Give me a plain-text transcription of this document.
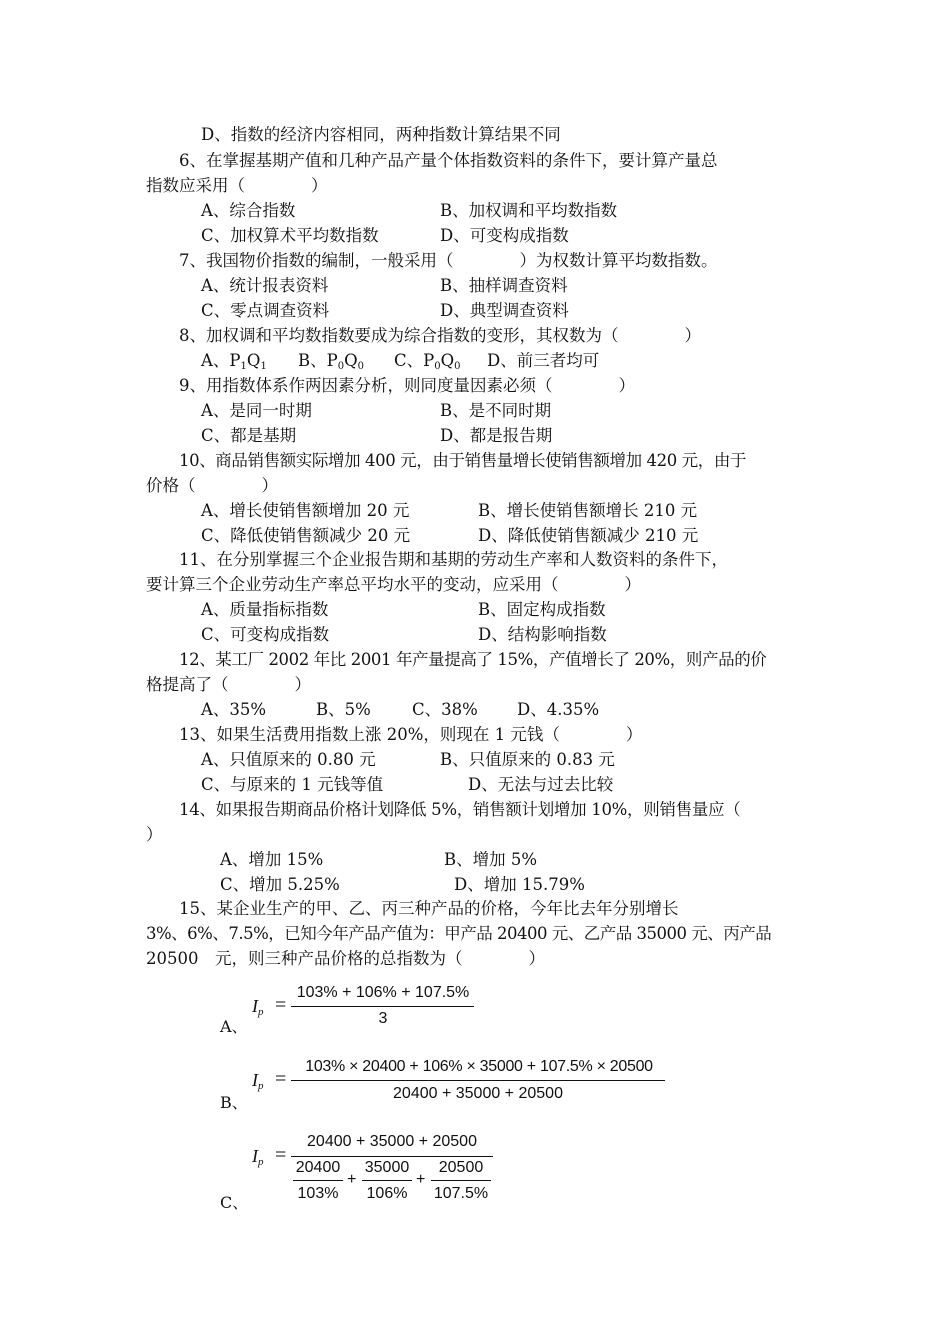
D、指数的经济内容相同，两种指数计算结果不同
6、在掌握基期产值和几种产品产量个体指数资料的条件下，要计算产量总
指数应采用（　　　　）
A、综合指数	B、加权调和平均数指数
C、加权算术平均数指数	D、可变构成指数
7、我国物价指数的编制，一般采用（　　　　）为权数计算平均数指数。
A、统计报表资料	B、抽样调查资料
C、零点调查资料	D、典型调查资料
8、加权调和平均数指数要成为综合指数的变形，其权数为（　　　　）
A、$P_1Q_1$ B、$P_0Q_0$ C、$P_0Q_0$ D、前三者均可
9、用指数体系作两因素分析，则同度量因素必须（　　　　）
A、是同一时期	B、是不同时期
C、都是基期	D、都是报告期
10、商品销售额实际增加 400 元，由于销售量增长使销售额增加 420 元，由于
价格（　　　　）
A、增长使销售额增加 20 元	B、增长使销售额增长 210 元
C、降低使销售额减少 20 元	D、降低使销售额减少 210 元
11、在分别掌握三个企业报告期和基期的劳动生产率和人数资料的条件下，
要计算三个企业劳动生产率总平均水平的变动，应采用（　　　　）
A、质量指标指数	B、固定构成指数
C、可变构成指数	D、结构影响指数
12、某工厂 2002 年比 2001 年产量提高了 15%，产值增长了 20%，则产品的价
格提高了（　　　　）
A、35%	B、5% C、38% D、4.35%
13、如果生活费用指数上涨 20%，则现在 1 元钱（　　　　）
A、只值原来的 0.80 元	B、只值原来的 0.83 元
C、与原来的 1 元钱等值	D、无法与过去比较
14、如果报告期商品价格计划降低 5%，销售额计划增加 10%，则销售量应（
）
A、增加 15%	B、增加 5%
C、增加 5.25%	D、增加 15.79%
15、某企业生产的甲、乙、丙三种产品的价格，今年比去年分别增长
3%、6%、7.5%，已知今年产品产值为：甲产品 20400 元、乙产品 35000 元、丙产品
20500　元，则三种产品价格的总指数为（　　　　）
A、
$I_p$ =
103% + 106% + 107.5%
3
B、
$I_p$ =
103% × 20400 + 106% × 35000 + 107.5% × 20500
20400 + 35000 + 20500
C、
$I_p$ =
20400 + 35000 + 20500
20400
103%
+
35000
106%
+
20500
107.5%
